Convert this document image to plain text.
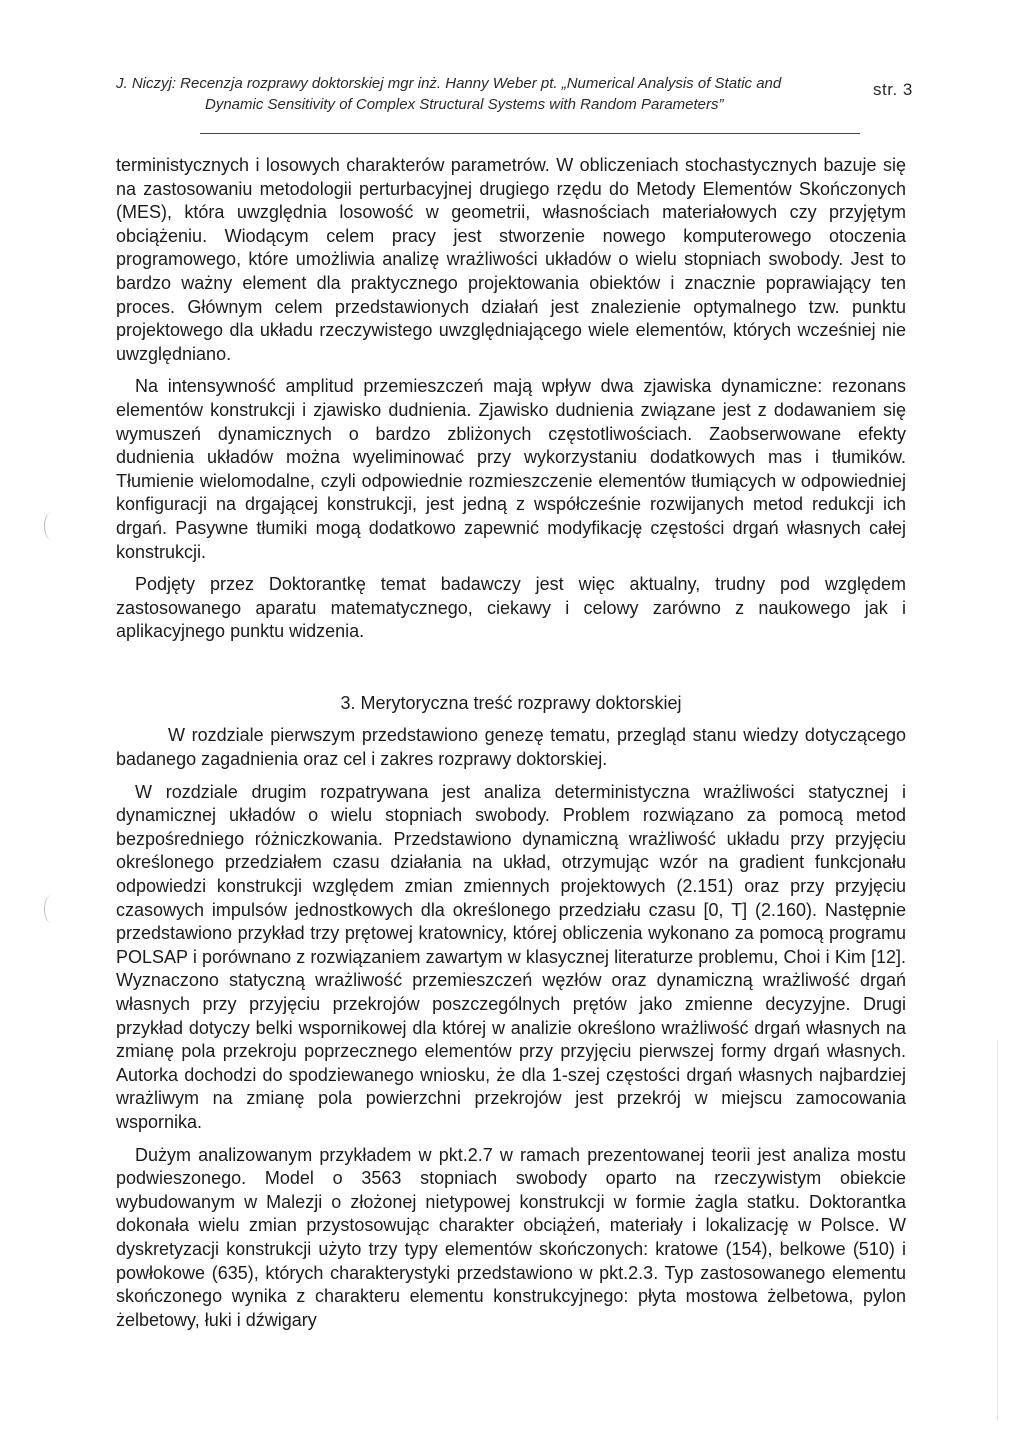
J. Niczyj: Recenzja rozprawy doktorskiej mgr inż. Hanny Weber pt. „Numerical Analysis of Static and
Dynamic Sensitivity of Complex Structural Systems with Random Parameters”
str. 3

terministycznych i losowych charakterów parametrów. W obliczeniach stochastycznych bazuje się na zastosowaniu metodologii perturbacyjnej drugiego rzędu do Metody Elementów Skończonych (MES), która uwzględnia losowość w geometrii, własnościach materiałowych czy przyjętym obciążeniu. Wiodącym celem pracy jest stworzenie nowego komputerowego otoczenia programowego, które umożliwia analizę wrażliwości układów o wielu stopniach swobody. Jest to bardzo ważny element dla praktycznego projektowania obiektów i znacznie poprawiający ten proces. Głównym celem przedstawionych działań jest znalezienie optymalnego tzw. punktu projektowego dla układu rzeczywistego uwzględniającego wiele elementów, których wcześniej nie uwzględniano.

Na intensywność amplitud przemieszczeń mają wpływ dwa zjawiska dynamiczne: rezonans elementów konstrukcji i zjawisko dudnienia. Zjawisko dudnienia związane jest z dodawaniem się wymuszeń dynamicznych o bardzo zbliżonych częstotliwościach. Zaobserwowane efekty dudnienia układów można wyeliminować przy wykorzystaniu dodatkowych mas i tłumików. Tłumienie wielomodalne, czyli odpowiednie rozmieszczenie elementów tłumiących w odpowiedniej konfiguracji na drgającej konstrukcji, jest jedną z współcześnie rozwijanych metod redukcji ich drgań. Pasywne tłumiki mogą dodatkowo zapewnić modyfikację częstości drgań własnych całej konstrukcji.

Podjęty przez Doktorantkę temat badawczy jest więc aktualny, trudny pod względem zastosowanego aparatu matematycznego, ciekawy i celowy zarówno z naukowego jak i aplikacyjnego punktu widzenia.

3. Merytoryczna treść rozprawy doktorskiej

W rozdziale pierwszym przedstawiono genezę tematu, przegląd stanu wiedzy dotyczącego badanego zagadnienia oraz cel i zakres rozprawy doktorskiej.

W rozdziale drugim rozpatrywana jest analiza deterministyczna wrażliwości statycznej i dynamicznej układów o wielu stopniach swobody. Problem rozwiązano za pomocą metod bezpośredniego różniczkowania. Przedstawiono dynamiczną wrażliwość układu przy przyjęciu określonego przedziałem czasu działania na układ, otrzymując wzór na gradient funkcjonału odpowiedzi konstrukcji względem zmian zmiennych projektowych (2.151) oraz przy przyjęciu czasowych impulsów jednostkowych dla określonego przedziału czasu [0, T] (2.160). Następnie przedstawiono przykład trzy prętowej kratownicy, której obliczenia wykonano za pomocą programu POLSAP i porównano z rozwiązaniem zawartym w klasycznej literaturze problemu, Choi i Kim [12]. Wyznaczono statyczną wrażliwość przemieszczeń węzłów oraz dynamiczną wrażliwość drgań własnych przy przyjęciu przekrojów poszczególnych prętów jako zmienne decyzyjne. Drugi przykład dotyczy belki wspornikowej dla której w analizie określono wrażliwość drgań własnych na zmianę pola przekroju poprzecznego elementów przy przyjęciu pierwszej formy drgań własnych. Autorka dochodzi do spodziewanego wniosku, że dla 1-szej częstości drgań własnych najbardziej wrażliwym na zmianę pola powierzchni przekrojów jest przekrój w miejscu zamocowania wspornika.

Dużym analizowanym przykładem w pkt.2.7 w ramach prezentowanej teorii jest analiza mostu podwieszonego. Model o 3563 stopniach swobody oparto na rzeczywistym obiekcie wybudowanym w Malezji o złożonej nietypowej konstrukcji w formie żagla statku. Doktorantka dokonała wielu zmian przystosowując charakter obciążeń, materiały i lokalizację w Polsce. W dyskretyzacji konstrukcji użyto trzy typy elementów skończonych: kratowe (154), belkowe (510) i powłokowe (635), których charakterystyki przedstawiono w pkt.2.3. Typ zastosowanego elementu skończonego wynika z charakteru elementu konstrukcyjnego: płyta mostowa żelbetowa, pylon żelbetowy, łuki i dźwigary
